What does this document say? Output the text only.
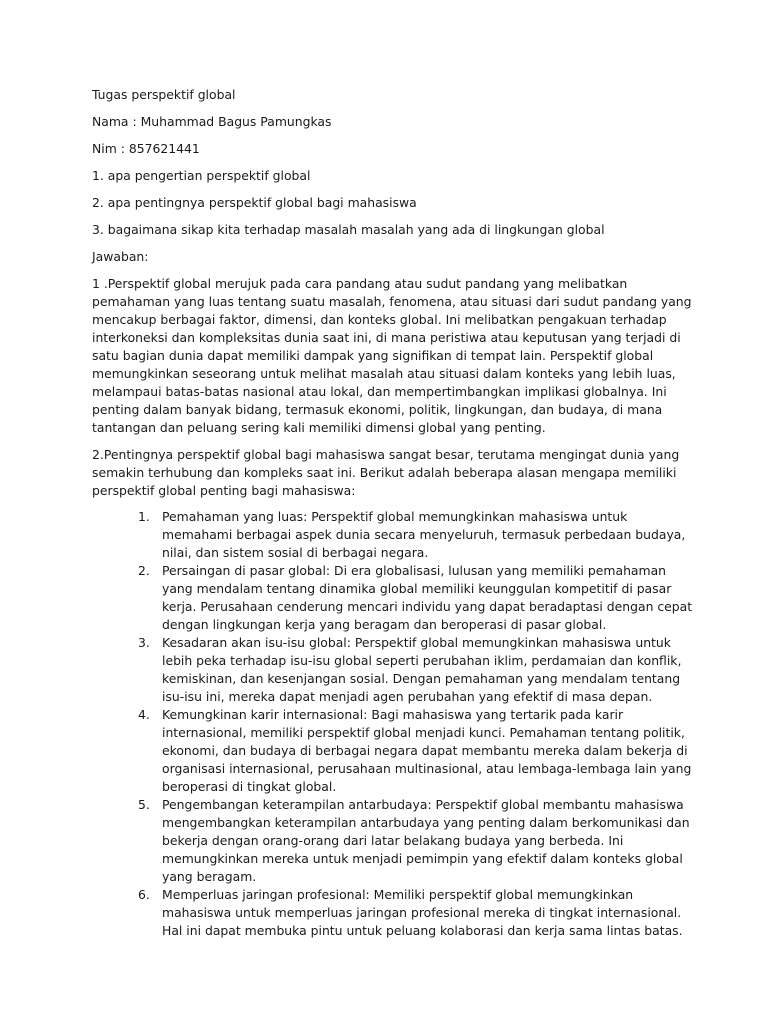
Tugas perspektif global

Nama : Muhammad Bagus Pamungkas

Nim : 857621441

1. apa pengertian perspektif global

2. apa pentingnya perspektif global bagi mahasiswa

3. bagaimana sikap kita terhadap masalah masalah yang ada di lingkungan global

Jawaban:

1 .Perspektif global merujuk pada cara pandang atau sudut pandang yang melibatkan pemahaman yang luas tentang suatu masalah, fenomena, atau situasi dari sudut pandang yang mencakup berbagai faktor, dimensi, dan konteks global. Ini melibatkan pengakuan terhadap interkoneksi dan kompleksitas dunia saat ini, di mana peristiwa atau keputusan yang terjadi di satu bagian dunia dapat memiliki dampak yang signifikan di tempat lain. Perspektif global memungkinkan seseorang untuk melihat masalah atau situasi dalam konteks yang lebih luas, melampaui batas-batas nasional atau lokal, dan mempertimbangkan implikasi globalnya. Ini penting dalam banyak bidang, termasuk ekonomi, politik, lingkungan, dan budaya, di mana tantangan dan peluang sering kali memiliki dimensi global yang penting.

2.Pentingnya perspektif global bagi mahasiswa sangat besar, terutama mengingat dunia yang semakin terhubung dan kompleks saat ini. Berikut adalah beberapa alasan mengapa memiliki perspektif global penting bagi mahasiswa:

1. Pemahaman yang luas: Perspektif global memungkinkan mahasiswa untuk memahami berbagai aspek dunia secara menyeluruh, termasuk perbedaan budaya, nilai, dan sistem sosial di berbagai negara.
2. Persaingan di pasar global: Di era globalisasi, lulusan yang memiliki pemahaman yang mendalam tentang dinamika global memiliki keunggulan kompetitif di pasar kerja. Perusahaan cenderung mencari individu yang dapat beradaptasi dengan cepat dengan lingkungan kerja yang beragam dan beroperasi di pasar global.
3. Kesadaran akan isu-isu global: Perspektif global memungkinkan mahasiswa untuk lebih peka terhadap isu-isu global seperti perubahan iklim, perdamaian dan konflik, kemiskinan, dan kesenjangan sosial. Dengan pemahaman yang mendalam tentang isu-isu ini, mereka dapat menjadi agen perubahan yang efektif di masa depan.
4. Kemungkinan karir internasional: Bagi mahasiswa yang tertarik pada karir internasional, memiliki perspektif global menjadi kunci. Pemahaman tentang politik, ekonomi, dan budaya di berbagai negara dapat membantu mereka dalam bekerja di organisasi internasional, perusahaan multinasional, atau lembaga-lembaga lain yang beroperasi di tingkat global.
5. Pengembangan keterampilan antarbudaya: Perspektif global membantu mahasiswa mengembangkan keterampilan antarbudaya yang penting dalam berkomunikasi dan bekerja dengan orang-orang dari latar belakang budaya yang berbeda. Ini memungkinkan mereka untuk menjadi pemimpin yang efektif dalam konteks global yang beragam.
6. Memperluas jaringan profesional: Memiliki perspektif global memungkinkan mahasiswa untuk memperluas jaringan profesional mereka di tingkat internasional. Hal ini dapat membuka pintu untuk peluang kolaborasi dan kerja sama lintas batas.
